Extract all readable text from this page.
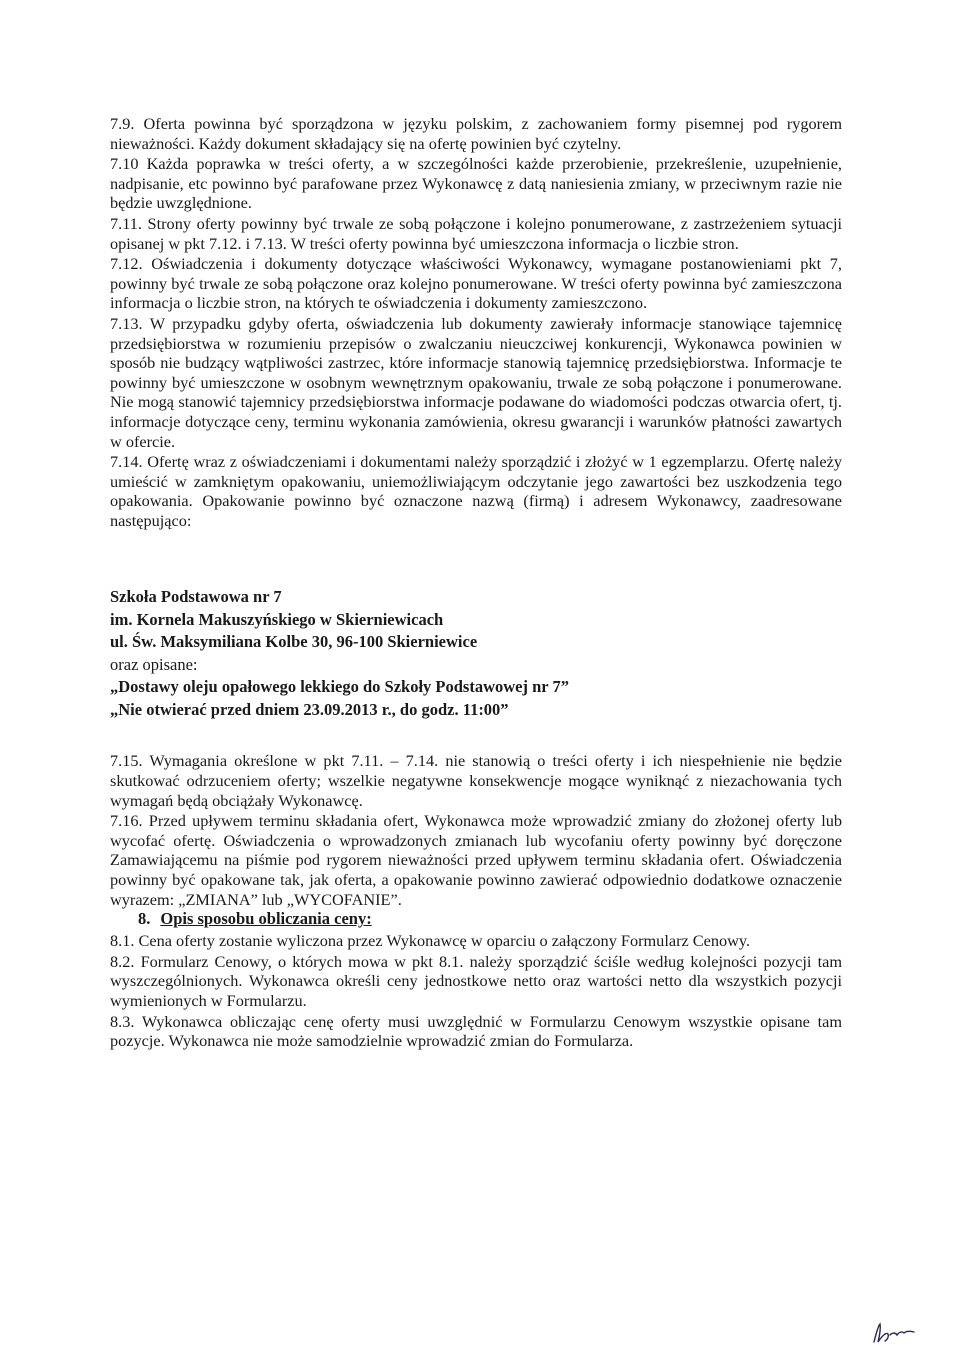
7.9. Oferta powinna być sporządzona w języku polskim, z zachowaniem formy pisemnej pod rygorem nieważności. Każdy dokument składający się na ofertę powinien być czytelny.

7.10 Każda poprawka w treści oferty, a w szczególności każde przerobienie, przekreślenie, uzupełnienie, nadpisanie, etc powinno być parafowane przez Wykonawcę z datą naniesienia zmiany, w przeciwnym razie nie będzie uwzględnione.

7.11. Strony oferty powinny być trwale ze sobą połączone i kolejno ponumerowane, z zastrzeżeniem sytuacji opisanej w pkt 7.12. i 7.13. W treści oferty powinna być umieszczona informacja o liczbie stron.

7.12. Oświadczenia i dokumenty dotyczące właściwości Wykonawcy, wymagane postanowieniami pkt 7, powinny być trwale ze sobą połączone oraz kolejno ponumerowane. W treści oferty powinna być zamieszczona informacja o liczbie stron, na których te oświadczenia i dokumenty zamieszczono.

7.13. W przypadku gdyby oferta, oświadczenia lub dokumenty zawierały informacje stanowiące tajemnicę przedsiębiorstwa w rozumieniu przepisów o zwalczaniu nieuczciwej konkurencji, Wykonawca powinien w sposób nie budzący wątpliwości zastrzec, które informacje stanowią tajemnicę przedsiębiorstwa. Informacje te powinny być umieszczone w osobnym wewnętrznym opakowaniu, trwale ze sobą połączone i ponumerowane. Nie mogą stanowić tajemnicy przedsiębiorstwa informacje podawane do wiadomości podczas otwarcia ofert, tj. informacje dotyczące ceny, terminu wykonania zamówienia, okresu gwarancji i warunków płatności zawartych w ofercie.

7.14. Ofertę wraz z oświadczeniami i dokumentami należy sporządzić i złożyć w 1 egzemplarzu. Ofertę należy umieścić w zamkniętym opakowaniu, uniemożliwiającym odczytanie jego zawartości bez uszkodzenia tego opakowania. Opakowanie powinno być oznaczone nazwą (firmą) i adresem Wykonawcy, zaadresowane następująco:

Szkoła Podstawowa nr 7

im. Kornela Makuszyńskiego w Skierniewicach

ul. Św. Maksymiliana Kolbe 30, 96-100 Skierniewice

oraz opisane:

„Dostawy oleju opałowego lekkiego do Szkoły Podstawowej nr 7”

„Nie otwierać przed dniem 23.09.2013 r., do godz. 11:00”

7.15. Wymagania określone w pkt 7.11. – 7.14. nie stanowią o treści oferty i ich niespełnienie nie będzie skutkować odrzuceniem oferty; wszelkie negatywne konsekwencje mogące wyniknąć z niezachowania tych wymagań będą obciążały Wykonawcę.

7.16. Przed upływem terminu składania ofert, Wykonawca może wprowadzić zmiany do złożonej oferty lub wycofać ofertę. Oświadczenia o wprowadzonych zmianach lub wycofaniu oferty powinny być doręczone Zamawiającemu na piśmie pod rygorem nieważności przed upływem terminu składania ofert. Oświadczenia powinny być opakowane tak, jak oferta, a opakowanie powinno zawierać odpowiednio dodatkowe oznaczenie wyrazem: „ZMIANA” lub „WYCOFANIE”.

8. Opis sposobu obliczania ceny:

8.1. Cena oferty zostanie wyliczona przez Wykonawcę w oparciu o załączony Formularz Cenowy.

8.2. Formularz Cenowy, o których mowa w pkt 8.1. należy sporządzić ściśle według kolejności pozycji tam wyszczególnionych. Wykonawca określi ceny jednostkowe netto oraz wartości netto dla wszystkich pozycji wymienionych w Formularzu.

8.3. Wykonawca obliczając cenę oferty musi uwzględnić w Formularzu Cenowym wszystkie opisane tam pozycje. Wykonawca nie może samodzielnie wprowadzić zmian do Formularza.
